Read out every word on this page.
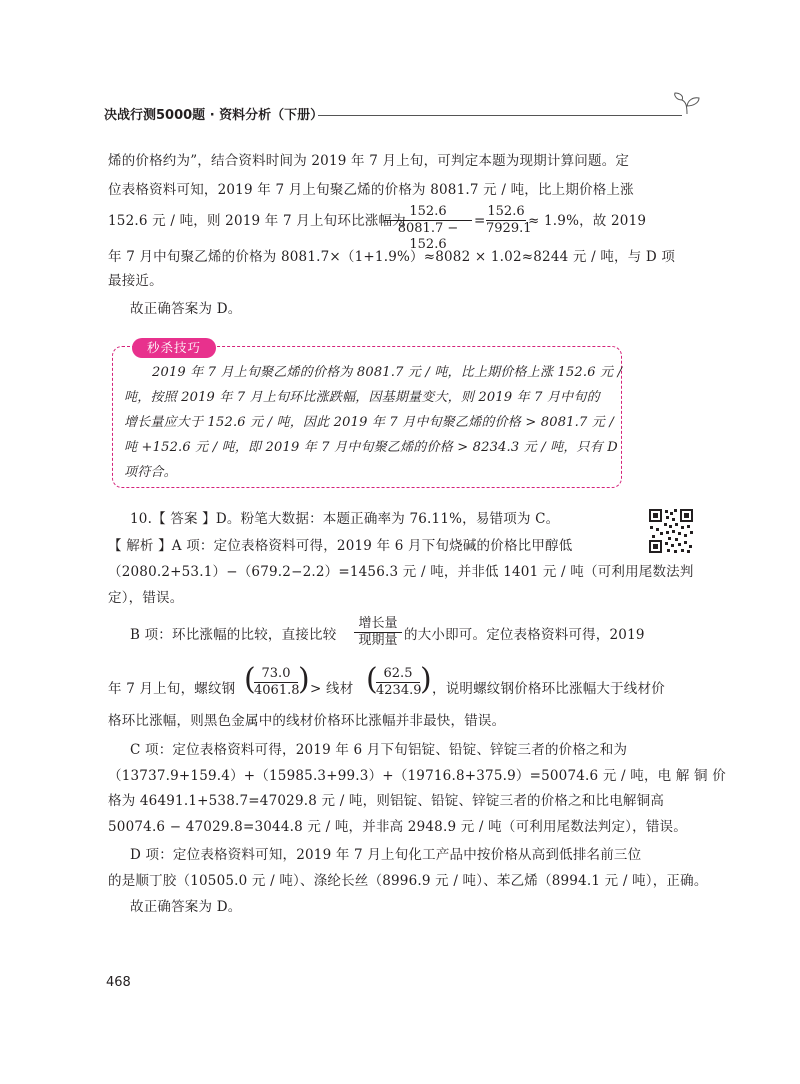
决战行测5000题 · 资料分析（下册）
烯的价格约为”，结合资料时间为 2019 年 7 月上旬，可判定本题为现期计算问题。定
位表格资料可知，2019 年 7 月上旬聚乙烯的价格为 8081.7 元 / 吨，比上期价格上涨
152.6 元 / 吨，则 2019 年 7 月上旬环比涨幅为
152.6
8081.7 − 152.6
=
152.6
7929.1
≈ 1.9%，故 2019
年 7 月中旬聚乙烯的价格为 8081.7×（1+1.9%）≈8082 × 1.02≈8244 元 / 吨，与 D 项
最接近。
故正确答案为 D。
秒杀技巧
2019 年 7 月上旬聚乙烯的价格为 8081.7 元 / 吨，比上期价格上涨 152.6 元 /
吨，按照 2019 年 7 月上旬环比涨跌幅，因基期量变大，则 2019 年 7 月中旬的
增长量应大于 152.6 元 / 吨，因此 2019 年 7 月中旬聚乙烯的价格 > 8081.7 元 /
吨 +152.6 元 / 吨，即 2019 年 7 月中旬聚乙烯的价格 > 8234.3 元 / 吨，只有 D
项符合。
10.【 答案 】D。粉笔大数据：本题正确率为 76.11%，易错项为 C。
【 解析 】A 项：定位表格资料可得，2019 年 6 月下旬烧碱的价格比甲醇低
（2080.2+53.1）−（679.2−2.2）=1456.3 元 / 吨，并非低 1401 元 / 吨（可利用尾数法判
定），错误。
B 项：环比涨幅的比较，直接比较
增长量
现期量 的大小即可。定位表格资料可得，2019
年 7 月上旬，螺纹钢 ( 73.0
4061.8
) > 线材 ( 62.5
4234.9
) ，说明螺纹钢价格环比涨幅大于线材价
格环比涨幅，则黑色金属中的线材价格环比涨幅并非最快，错误。
C 项：定位表格资料可得，2019 年 6 月下旬铝锭、铅锭、锌锭三者的价格之和为
（13737.9+159.4）+（15985.3+99.3）+（19716.8+375.9）=50074.6 元 / 吨，电 解 铜 价
格为 46491.1+538.7=47029.8 元 / 吨，则铝锭、铅锭、锌锭三者的价格之和比电解铜高
50074.6 − 47029.8=3044.8 元 / 吨，并非高 2948.9 元 / 吨（可利用尾数法判定），错误。
D 项：定位表格资料可知，2019 年 7 月上旬化工产品中按价格从高到低排名前三位
的是顺丁胶（10505.0 元 / 吨）、涤纶长丝（8996.9 元 / 吨）、苯乙烯（8994.1 元 / 吨），正确。
故正确答案为 D。
468
